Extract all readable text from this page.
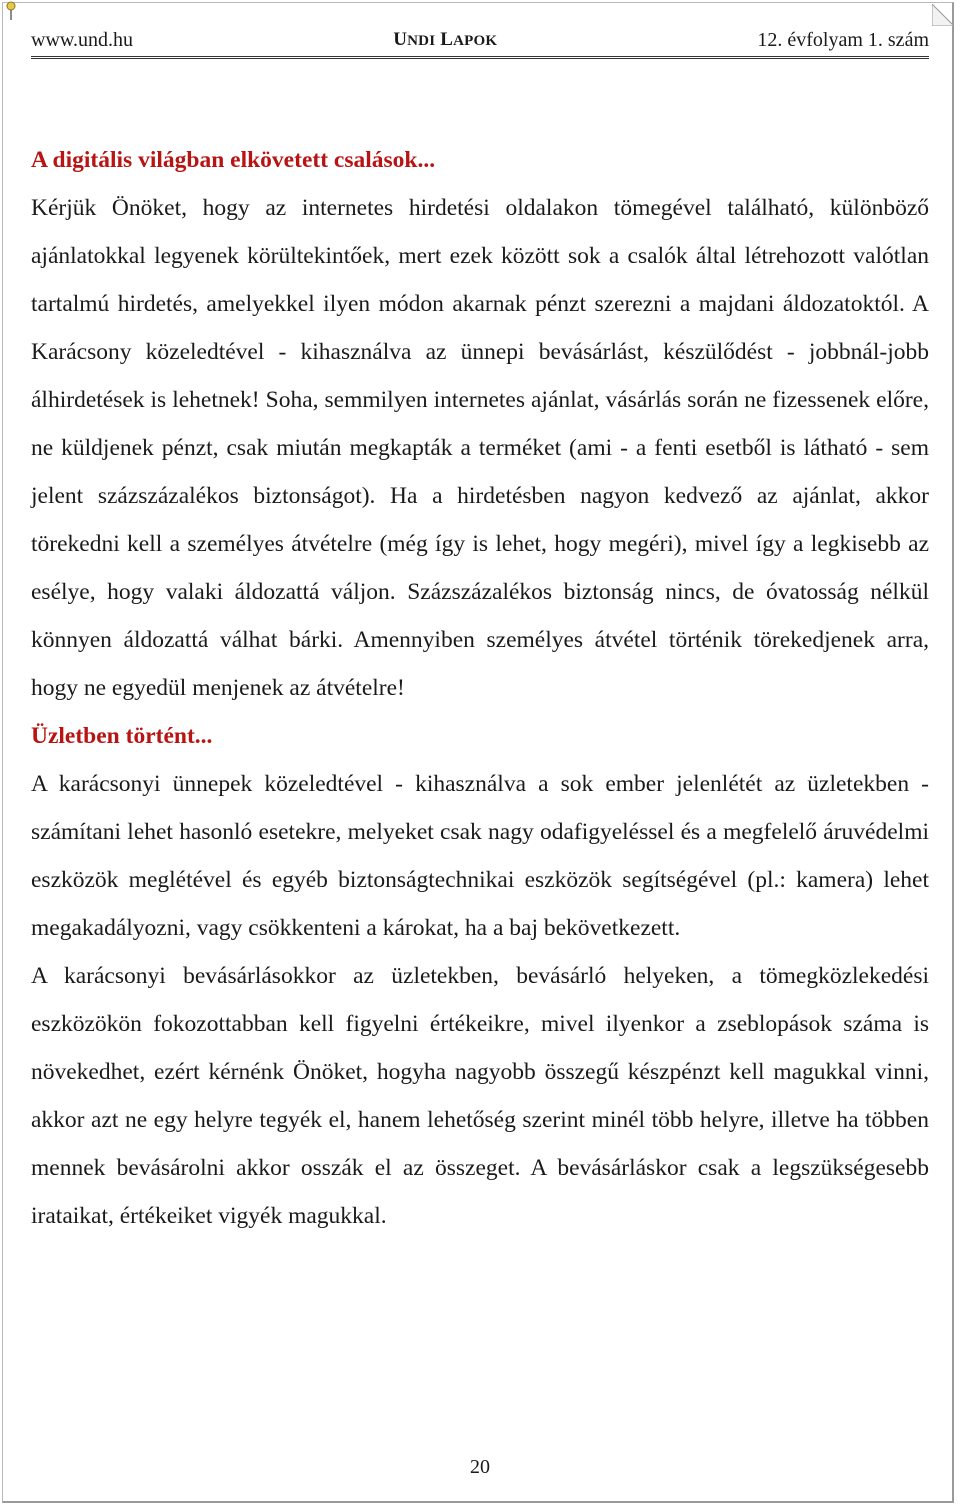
www.und.hu	UNDI LAPOK	12. évfolyam 1. szám

A digitális világban elkövetett csalások...

Kérjük Önöket, hogy az internetes hirdetési oldalakon tömegével található, különböző ajánlatokkal legyenek körültekintőek, mert ezek között sok a csalók által létrehozott valótlan tartalmú hirdetés, amelyekkel ilyen módon akarnak pénzt szerezni a majdani áldozatoktól. A Karácsony közeledtével - kihasználva az ünnepi bevásárlást, készülődést - jobbnál-jobb álhirdetések is lehetnek! Soha, semmilyen internetes ajánlat, vásárlás során ne fizessenek előre, ne küldjenek pénzt, csak miután megkapták a terméket (ami - a fenti esetből is látható - sem jelent százszázalékos biztonságot). Ha a hirdetésben nagyon kedvező az ajánlat, akkor törekedni kell a személyes átvételre (még így is lehet, hogy megéri), mivel így a legkisebb az esélye, hogy valaki áldozattá váljon. Százszázalékos biztonság nincs, de óvatosság nélkül könnyen áldozattá válhat bárki. Amennyiben személyes átvétel történik törekedjenek arra, hogy ne egyedül menjenek az átvételre!

Üzletben történt...

A karácsonyi ünnepek közeledtével - kihasználva a sok ember jelenlétét az üzletekben - számítani lehet hasonló esetekre, melyeket csak nagy odafigyeléssel és a megfelelő áruvédelmi eszközök meglétével és egyéb biztonságtechnikai eszközök segítségével (pl.: kamera) lehet megakadályozni, vagy csökkenteni a károkat, ha a baj bekövetkezett.

A karácsonyi bevásárlásokkor az üzletekben, bevásárló helyeken, a tömegközlekedési eszközökön fokozottabban kell figyelni értékeikre, mivel ilyenkor a zseblopások száma is növekedhet, ezért kérnénk Önöket, hogyha nagyobb összegű készpénzt kell magukkal vinni, akkor azt ne egy helyre tegyék el, hanem lehetőség szerint minél több helyre, illetve ha többen mennek bevásárolni akkor osszák el az összeget. A bevásárláskor csak a legszükségesebb irataikat, értékeiket vigyék magukkal.

20
